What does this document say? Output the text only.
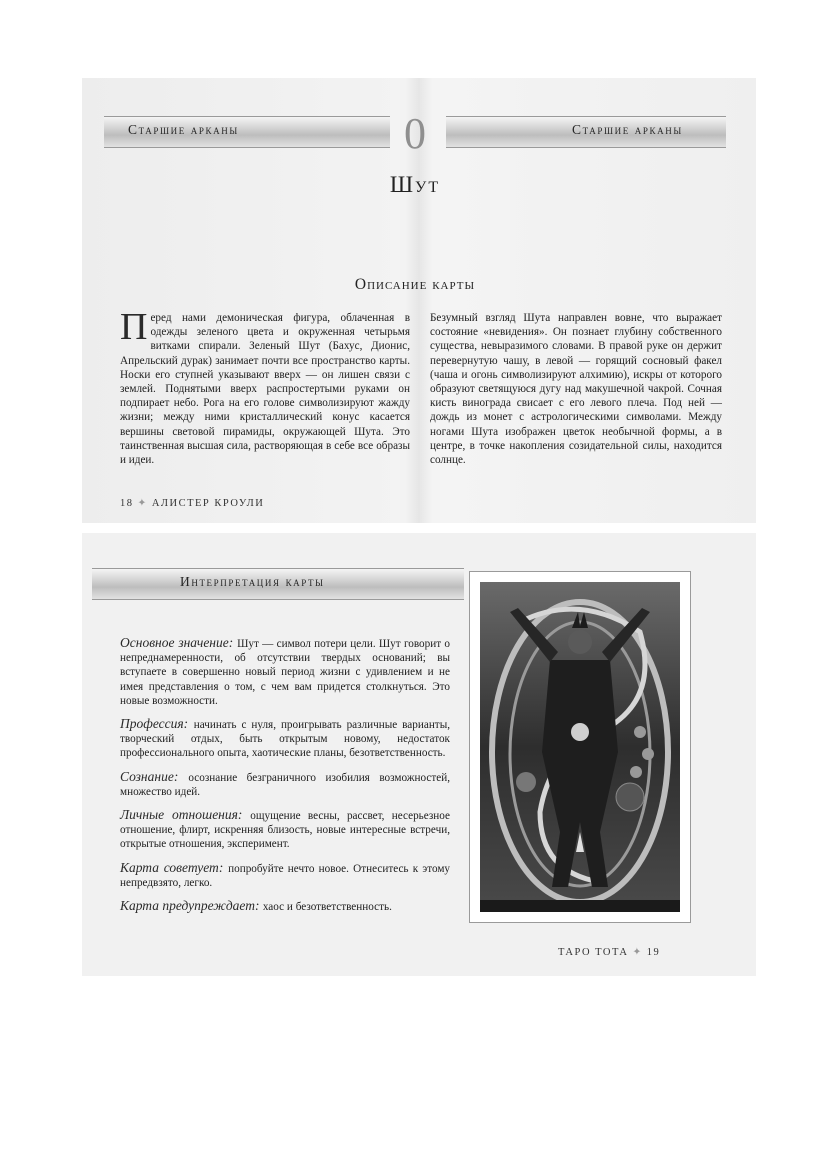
Старшие арканы	Старшие арканы
0
Шут
Описание карты
Перед нами демоническая фигура, облаченная в одежды зеленого цвета и окруженная четырьмя витками спирали. Зеленый Шут (Бахус, Дионис, Апрельский дурак) занимает почти все пространство карты. Носки его ступней указывают вверх — он лишен связи с землей. Поднятыми вверх распростертыми руками он подпирает небо. Рога на его голове символизируют жажду жизни; между ними кристаллический конус касается вершины световой пирамиды, окружающей Шута. Это таинственная высшая сила, растворяющая в себе все образы и идеи.
Безумный взгляд Шута направлен вовне, что выражает состояние «невидения». Он познает глубину собственного существа, невыразимого словами. В правой руке он держит перевернутую чашу, в левой — горящий сосновый факел (чаша и огонь символизируют алхимию), искры от которого образуют светящуюся дугу над макушечной чакрой. Сочная кисть винограда свисает с его левого плеча. Под ней — дождь из монет с астрологическими символами. Между ногами Шута изображен цветок необычной формы, а в центре, в точке накопления созидательной силы, находится солнце.
18 ✦ АЛИСТЕР КРОУЛИ
Интерпретация карты

Основное значение: Шут — символ потери цели. Шут говорит о непреднамеренности, об отсутствии твердых оснований; вы вступаете в совершенно новый период жизни с удивлением и не имея представления о том, с чем вам придется столкнуться. Это новые возможности.

Профессия: начинать с нуля, проигрывать различные варианты, творческий отдых, быть открытым новому, недостаток профессионального опыта, хаотические планы, безответственность.

Сознание: осознание безграничного изобилия возможностей, множество идей.

Личные отношения: ощущение весны, рассвет, несерьезное отношение, флирт, искренняя близость, новые интересные встречи, открытые отношения, эксперимент.

Карта советует: попробуйте нечто новое. Отнеситесь к этому непредвзято, легко.

Карта предупреждает: хаос и безответственность.

ТАРО ТОТА ✦ 19
